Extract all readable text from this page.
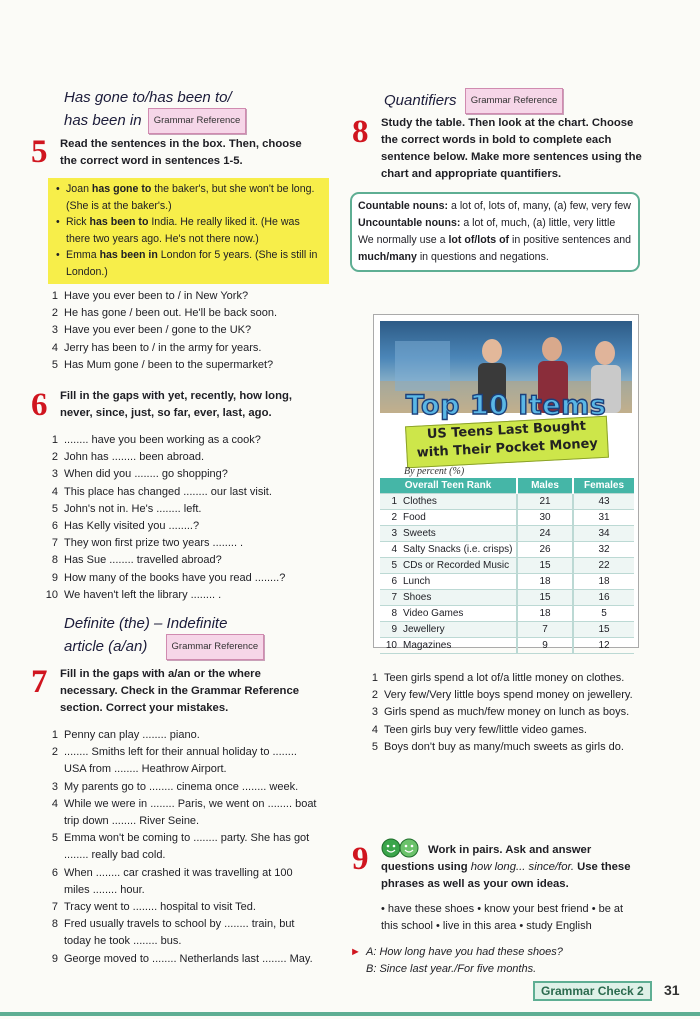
Has gone to/has been to/
has been in Grammar Reference
5 Read the sentences in the box. Then, choose the correct word in sentences 1-5.
• Joan has gone to the baker's, but she won't be long. (She is at the baker's.)
• Rick has been to India. He really liked it. (He was there two years ago. He's not there now.)
• Emma has been in London for 5 years. (She is still in London.)
1 Have you ever been to / in New York?
2 He has gone / been out. He'll be back soon.
3 Have you ever been / gone to the UK?
4 Jerry has been to / in the army for years.
5 Has Mum gone / been to the supermarket?
6 Fill in the gaps with yet, recently, how long, never, since, just, so far, ever, last, ago.
1 ........ have you been working as a cook?
2 John has ........ been abroad.
3 When did you ........ go shopping?
4 This place has changed ........ our last visit.
5 John's not in. He's ........ left.
6 Has Kelly visited you ........?
7 They won first prize two years ........ .
8 Has Sue ........ travelled abroad?
9 How many of the books have you read ........?
10 We haven't left the library ........ .
Definite (the) – Indefinite
article (a/an)	Grammar Reference
7 Fill in the gaps with a/an or the where necessary. Check in the Grammar Reference section. Correct your mistakes.
1 Penny can play ........ piano.
2 ........ Smiths left for their annual holiday to ........ USA from ........ Heathrow Airport.
3 My parents go to ........ cinema once ........ week.
4 While we were in ........ Paris, we went on ........ boat trip down ........ River Seine.
5 Emma won't be coming to ........ party. She has got ........ really bad cold.
6 When ........ car crashed it was travelling at 100 miles ........ hour.
7 Tracy went to ........ hospital to visit Ted.
8 Fred usually travels to school by ........ train, but today he took ........ bus.
9 George moved to ........ Netherlands last ........ May.
Quantifiers Grammar Reference
8 Study the table. Then look at the chart. Choose the correct words in bold to complete each sentence below. Make more sentences using the chart and appropriate quantifiers.
Countable nouns: a lot of, lots of, many, (a) few, very few
Uncountable nouns: a lot of, much, (a) little, very little
We normally use a lot of/lots of in positive sentences and much/many in questions and negations.
Top 10 Items
US Teens Last Bought
with Their Pocket Money
By percent (%)
Overall Teen Rank		Males	Females
1	Clothes	21	43
2	Food	30	31
3	Sweets	24	34
4	Salty Snacks (i.e. crisps)	26	32
5	CDs or Recorded Music	15	22
6	Lunch	18	18
7	Shoes	15	16
8	Video Games	18	5
9	Jewellery	7	15
10	Magazines	9	12
1 Teen girls spend a lot of/a little money on clothes.
2 Very few/Very little boys spend money on jewellery.
3 Girls spend as much/few money on lunch as boys.
4 Teen girls buy very few/little video games.
5 Boys don't buy as many/much sweets as girls do.
9	Work in pairs. Ask and answer questions using how long... since/for. Use these phrases as well as your own ideas.
• have these shoes • know your best friend • be at this school • live in this area • study English
► A: How long have you had these shoes?
B: Since last year./For five months.
Grammar Check 2	31
